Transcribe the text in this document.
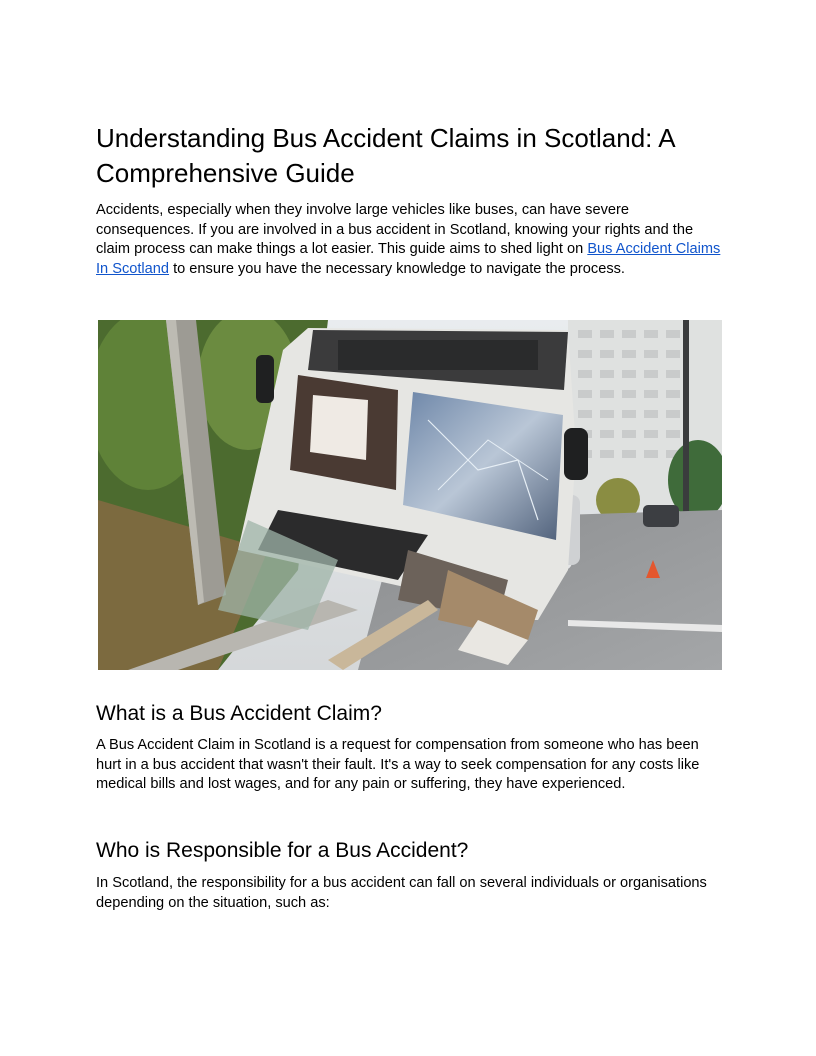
Understanding Bus Accident Claims in Scotland: A Comprehensive Guide

Accidents, especially when they involve large vehicles like buses, can have severe consequences. If you are involved in a bus accident in Scotland, knowing your rights and the claim process can make things a lot easier. This guide aims to shed light on Bus Accident Claims In Scotland to ensure you have the necessary knowledge to navigate the process.

What is a Bus Accident Claim?

A Bus Accident Claim in Scotland is a request for compensation from someone who has been hurt in a bus accident that wasn't their fault. It's a way to seek compensation for any costs like medical bills and lost wages, and for any pain or suffering, they have experienced.

Who is Responsible for a Bus Accident?

In Scotland, the responsibility for a bus accident can fall on several individuals or organisations depending on the situation, such as:
